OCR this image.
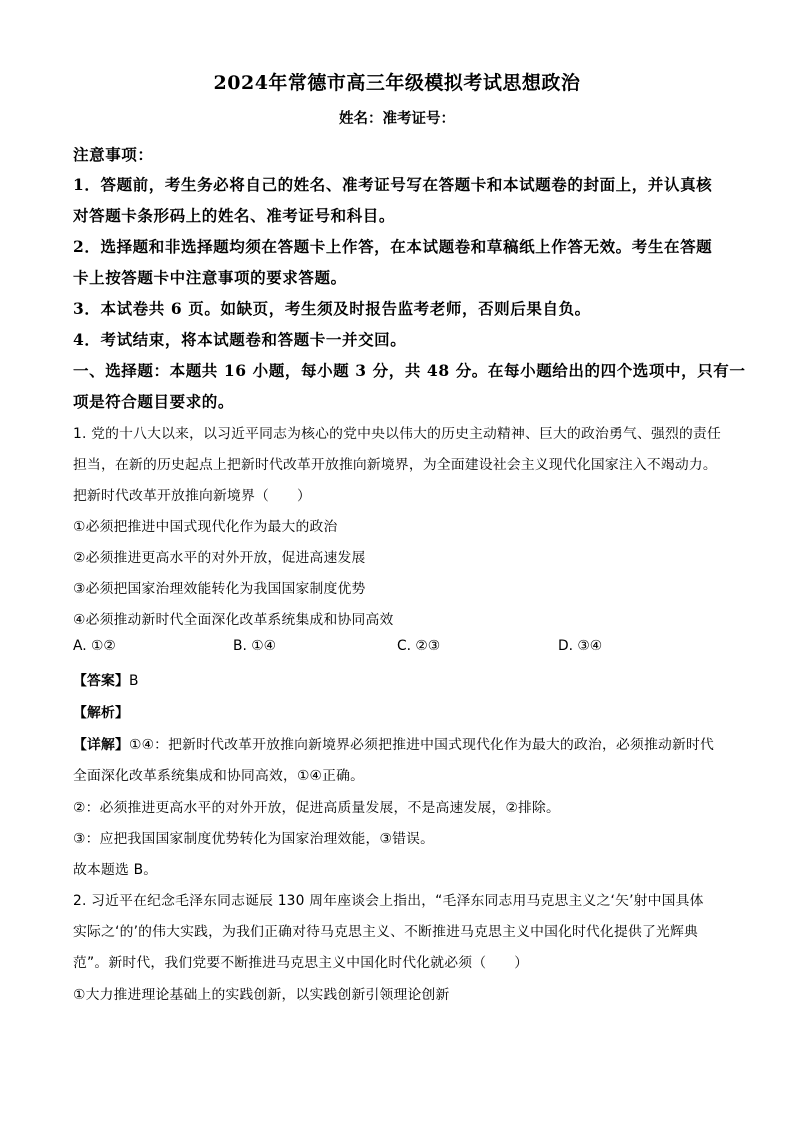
2024年常德市高三年级模拟考试思想政治
姓名：准考证号：
注意事项：
1．答题前，考生务必将自己的姓名、准考证号写在答题卡和本试题卷的封面上，并认真核
对答题卡条形码上的姓名、准考证号和科目。
2．选择题和非选择题均须在答题卡上作答，在本试题卷和草稿纸上作答无效。考生在答题
卡上按答题卡中注意事项的要求答题。
3．本试卷共 6 页。如缺页，考生须及时报告监考老师，否则后果自负。
4．考试结束，将本试题卷和答题卡一并交回。
一、选择题：本题共 16 小题，每小题 3 分，共 48 分。在每小题给出的四个选项中，只有一
项是符合题目要求的。
1. 党的十八大以来，以习近平同志为核心的党中央以伟大的历史主动精神、巨大的政治勇气、强烈的责任
担当，在新的历史起点上把新时代改革开放推向新境界，为全面建设社会主义现代化国家注入不竭动力。
把新时代改革开放推向新境界（　　）
①必须把推进中国式现代化作为最大的政治
②必须推进更高水平的对外开放，促进高速发展
③必须把国家治理效能转化为我国国家制度优势
④必须推动新时代全面深化改革系统集成和协同高效
A. ①②	B. ①④	C. ②③	D. ③④
【答案】B
【解析】
【详解】①④：把新时代改革开放推向新境界必须把推进中国式现代化作为最大的政治，必须推动新时代
全面深化改革系统集成和协同高效，①④正确。
②：必须推进更高水平的对外开放，促进高质量发展，不是高速发展，②排除。
③：应把我国国家制度优势转化为国家治理效能，③错误。
故本题选 B。
2. 习近平在纪念毛泽东同志诞辰 130 周年座谈会上指出，“毛泽东同志用马克思主义之‘矢’射中国具体
实际之‘的’的伟大实践，为我们正确对待马克思主义、不断推进马克思主义中国化时代化提供了光辉典
范”。新时代，我们党要不断推进马克思主义中国化时代化就必须（　　）
①大力推进理论基础上的实践创新，以实践创新引领理论创新
